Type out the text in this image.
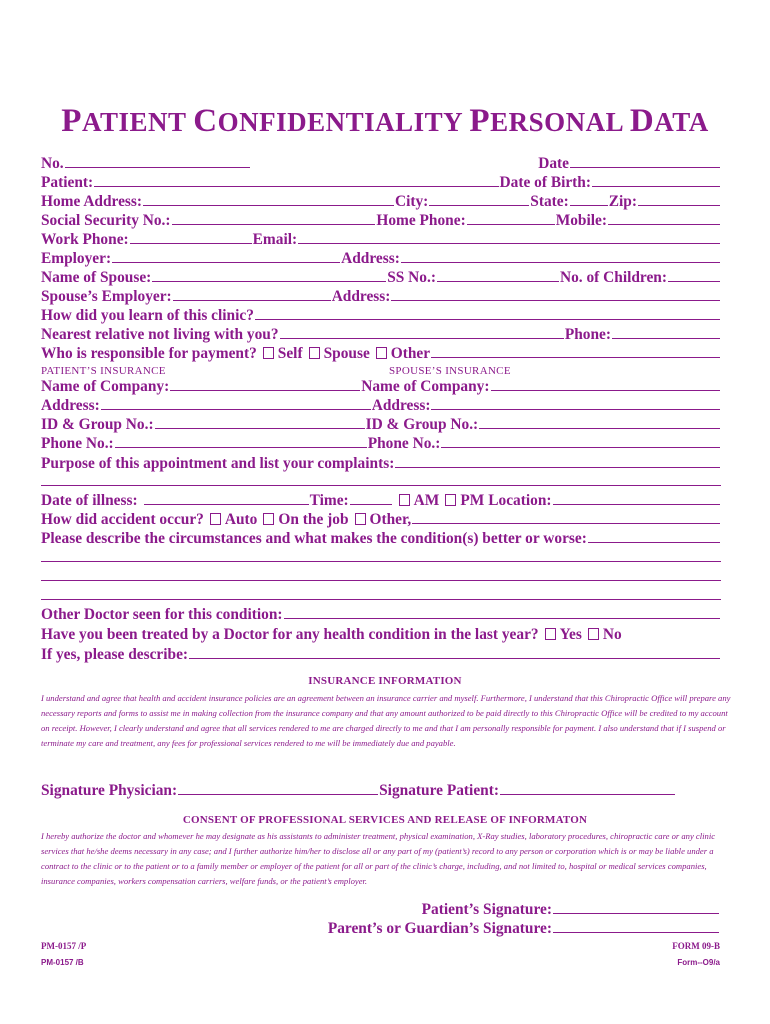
PATIENT CONFIDENTIALITY PERSONAL DATA
No.	Date
Patient:	Date of Birth:
Home Address:	City:	State:	Zip:
Social Security No.:	Home Phone:	Mobile:
Work Phone:	Email:
Employer:	Address:
Name of Spouse:	SS No.:	No. of Children:
Spouse’s Employer:	Address:
How did you learn of this clinic?
Nearest relative not living with you?	Phone:
Who is responsible for payment? Self Spouse Other
PATIENT’S INSURANCE	SPOUSE’S INSURANCE
Name of Company:	Name of Company:
Address:	Address:
ID & Group No.:	ID & Group No.:
Phone No.:	Phone No.:
Purpose of this appointment and list your complaints:
Date of illness:	Time:	AM PM Location:
How did accident occur? Auto On the job Other,
Please describe the circumstances and what makes the condition(s) better or worse:
Other Doctor seen for this condition:
Have you been treated by a Doctor for any health condition in the last year? Yes No
If yes, please describe:
INSURANCE INFORMATION
I understand and agree that health and accident insurance policies are an agreement between an insurance carrier and myself. Furthermore, I understand that this Chiropractic Office will prepare any necessary reports and forms to assist me in making collection from the insurance company and that any amount authorized to be paid directly to this Chiropractic Office will be credited to my account on receipt. However, I clearly understand and agree that all services rendered to me are charged directly to me and that I am personally responsible for payment. I also understand that if I suspend or terminate my care and treatment, any fees for professional services rendered to me will be immediately due and payable.
Signature Physician:	Signature Patient:
CONSENT OF PROFESSIONAL SERVICES AND RELEASE OF INFORMATON
I hereby authorize the doctor and whomever he may designate as his assistants to administer treatment, physical examination, X-Ray studies, laboratory procedures, chiropractic care or any clinic services that he/she deems necessary in any case; and I further authorize him/her to disclose all or any part of my (patient’s) record to any person or corporation which is or may be liable under a contract to the clinic or to the patient or to a family member or employer of the patient for all or part of the clinic’s charge, including, and not limited to, hospital or medical services companies, insurance companies, workers compensation carriers, welfare funds, or the patient’s employer.
Patient’s Signature:
Parent’s or Guardian’s Signature:
PM-0157 /P
PM-0157 /B
FORM 09-B
Form--O9/a
